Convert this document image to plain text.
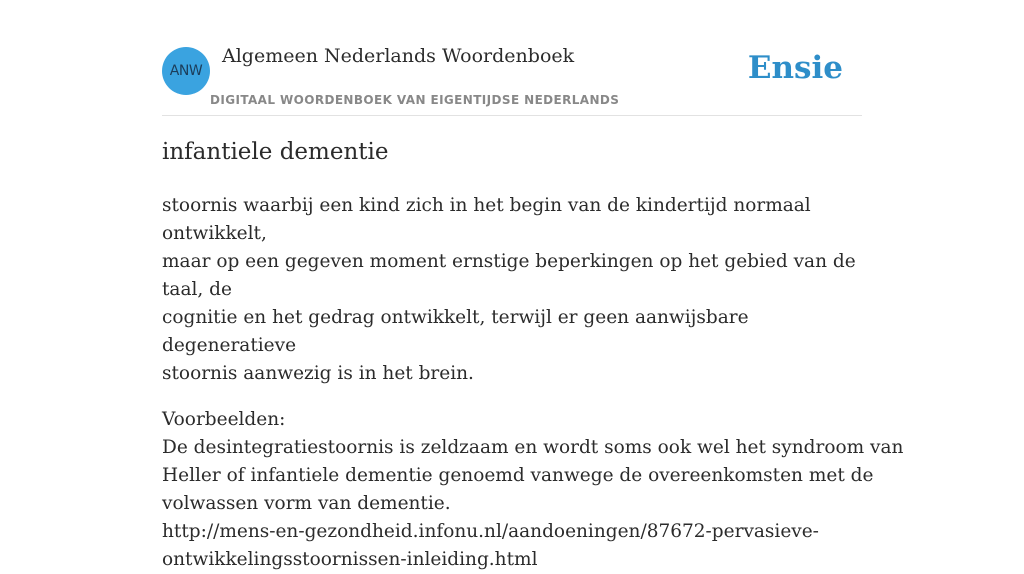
ANW
Algemeen Nederlands Woordenboek
DIGITAAL WOORDENBOEK VAN EIGENTIJDSE NEDERLANDS
Ensie
infantiele dementie

stoornis waarbij een kind zich in het begin van de kindertijd normaal ontwikkelt,
maar op een gegeven moment ernstige beperkingen op het gebied van de taal, de
cognitie en het gedrag ontwikkelt, terwijl er geen aanwijsbare degeneratieve
stoornis aanwezig is in het brein.

Voorbeelden:
De desintegratiestoornis is zeldzaam en wordt soms ook wel het syndroom van
Heller of infantiele dementie genoemd vanwege de overeenkomsten met de
volwassen vorm van dementie.
http://mens-en-gezondheid.infonu.nl/aandoeningen/87672-pervasieve-
ontwikkelingsstoornissen-inleiding.html
